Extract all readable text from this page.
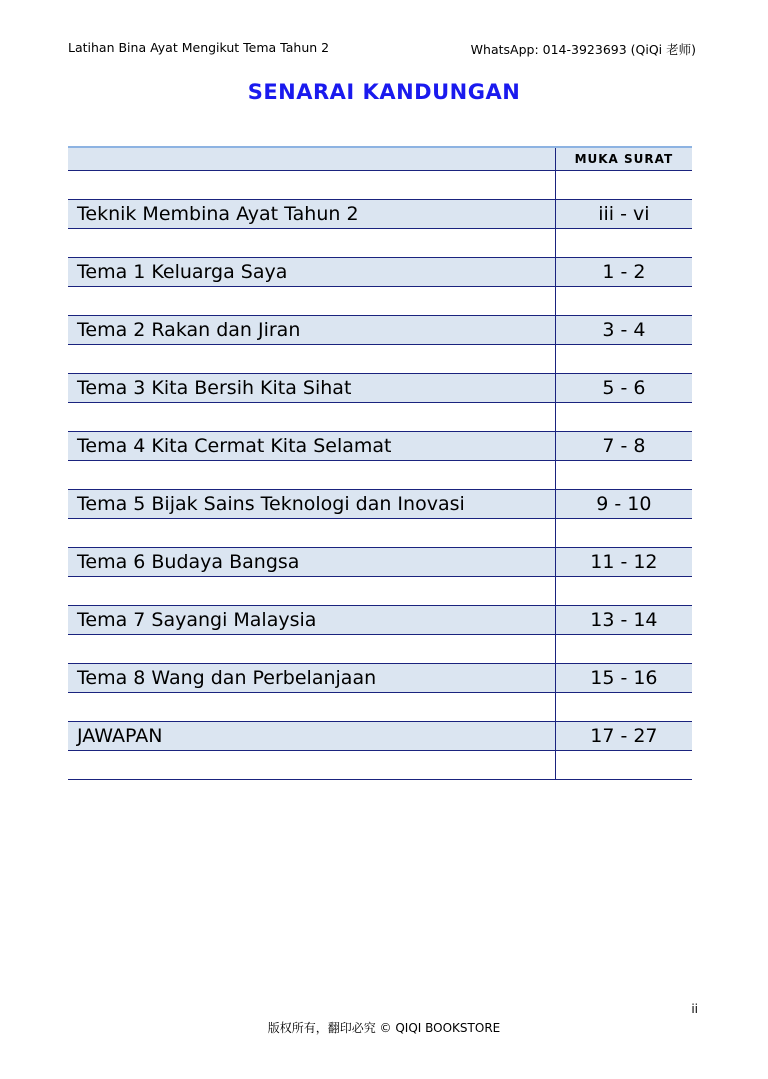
Latihan Bina Ayat Mengikut Tema Tahun 2	WhatsApp: 014-3923693 (QiQi 老师)
SENARAI KANDUNGAN
	MUKA SURAT

Teknik Membina Ayat Tahun 2	iii - vi

Tema 1 Keluarga Saya	1 - 2

Tema 2 Rakan dan Jiran	3 - 4

Tema 3 Kita Bersih Kita Sihat	5 - 6

Tema 4 Kita Cermat Kita Selamat	7 - 8

Tema 5 Bijak Sains Teknologi dan Inovasi	9 - 10

Tema 6 Budaya Bangsa	11 - 12

Tema 7 Sayangi Malaysia	13 - 14

Tema 8 Wang dan Perbelanjaan	15 - 16

JAWAPAN	17 - 27

ii
版权所有，翻印必究 © QIQI BOOKSTORE
